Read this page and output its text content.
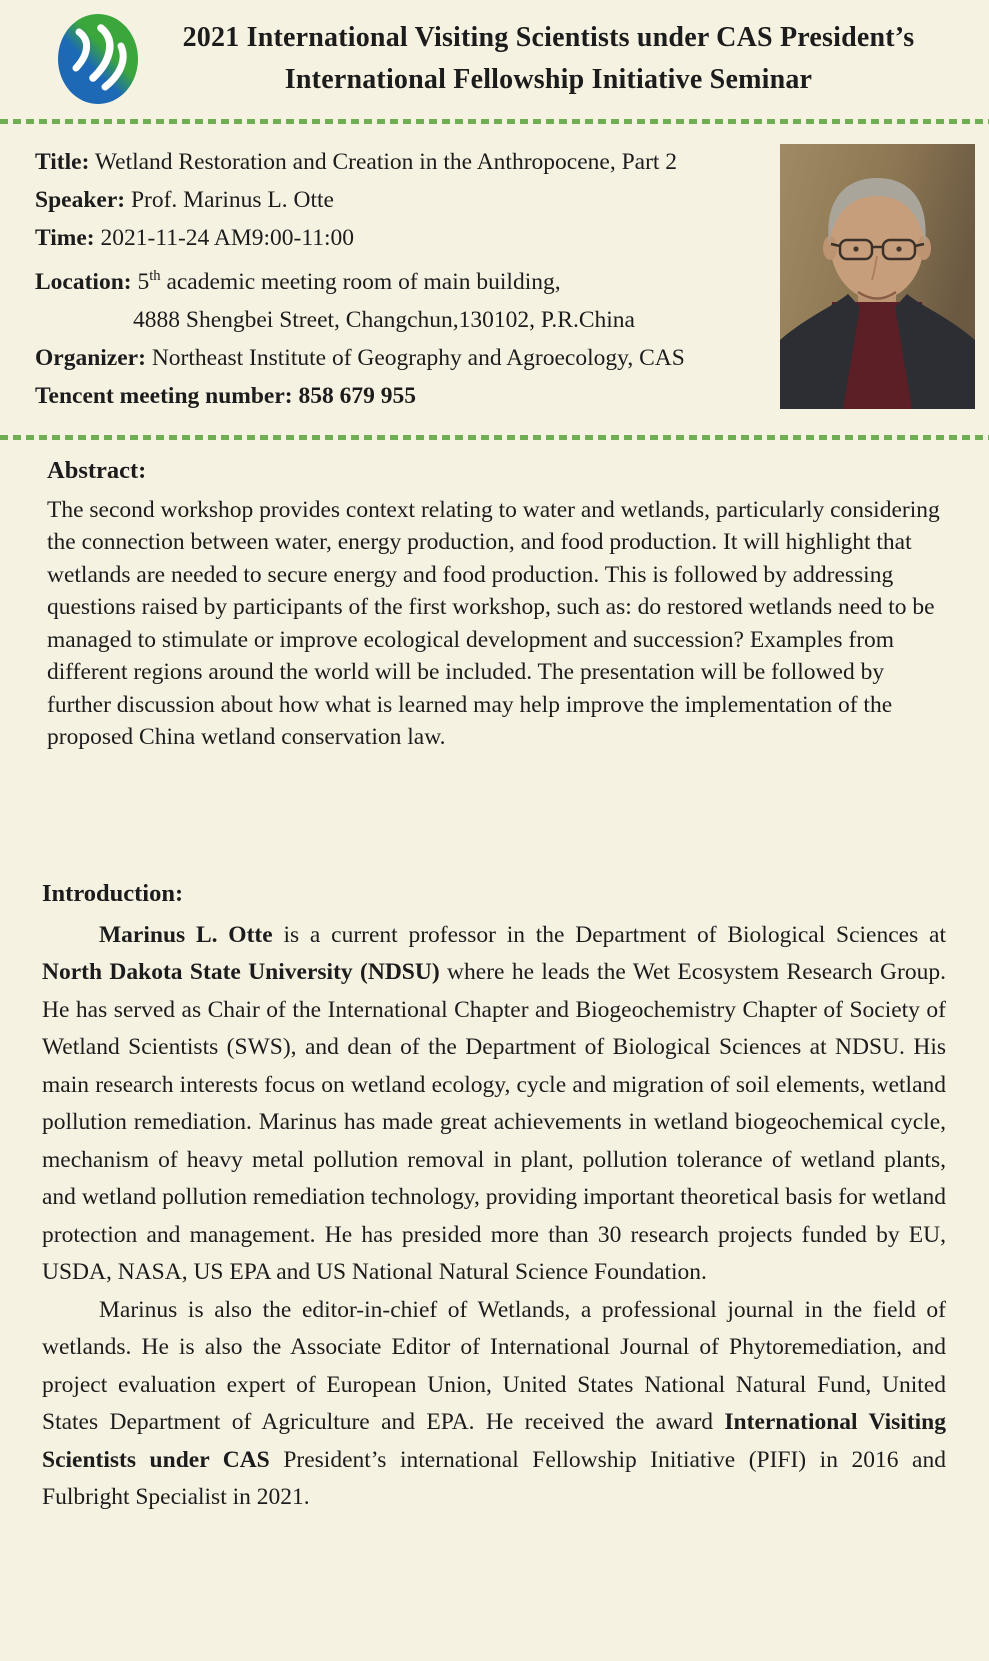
2021 International Visiting Scientists under CAS President’s
International Fellowship Initiative Seminar
Title: Wetland Restoration and Creation in the Anthropocene, Part 2
Speaker: Prof. Marinus L. Otte
Time: 2021-11-24 AM9:00-11:00
Location: 5th academic meeting room of main building,
4888 Shengbei Street, Changchun,130102, P.R.China
Organizer: Northeast Institute of Geography and Agroecology, CAS
Tencent meeting number: 858 679 955
Abstract:

The second workshop provides context relating to water and wetlands, particularly considering the connection between water, energy production, and food production. It will highlight that wetlands are needed to secure energy and food production. This is followed by addressing questions raised by participants of the first workshop, such as: do restored wetlands need to be managed to stimulate or improve ecological development and succession? Examples from different regions around the world will be included. The presentation will be followed by further discussion about how what is learned may help improve the implementation of the proposed China wetland conservation law.

Introduction:

Marinus L. Otte is a current professor in the Department of Biological Sciences at North Dakota State University (NDSU) where he leads the Wet Ecosystem Research Group. He has served as Chair of the International Chapter and Biogeochemistry Chapter of Society of Wetland Scientists (SWS), and dean of the Department of Biological Sciences at NDSU. His main research interests focus on wetland ecology, cycle and migration of soil elements, wetland pollution remediation. Marinus has made great achievements in wetland biogeochemical cycle, mechanism of heavy metal pollution removal in plant, pollution tolerance of wetland plants, and wetland pollution remediation technology, providing important theoretical basis for wetland protection and management. He has presided more than 30 research projects funded by EU, USDA, NASA, US EPA and US National Natural Science Foundation.

Marinus is also the editor-in-chief of Wetlands, a professional journal in the field of wetlands. He is also the Associate Editor of International Journal of Phytoremediation, and project evaluation expert of European Union, United States National Natural Fund, United States Department of Agriculture and EPA. He received the award International Visiting Scientists under CAS President’s international Fellowship Initiative (PIFI) in 2016 and Fulbright Specialist in 2021.
